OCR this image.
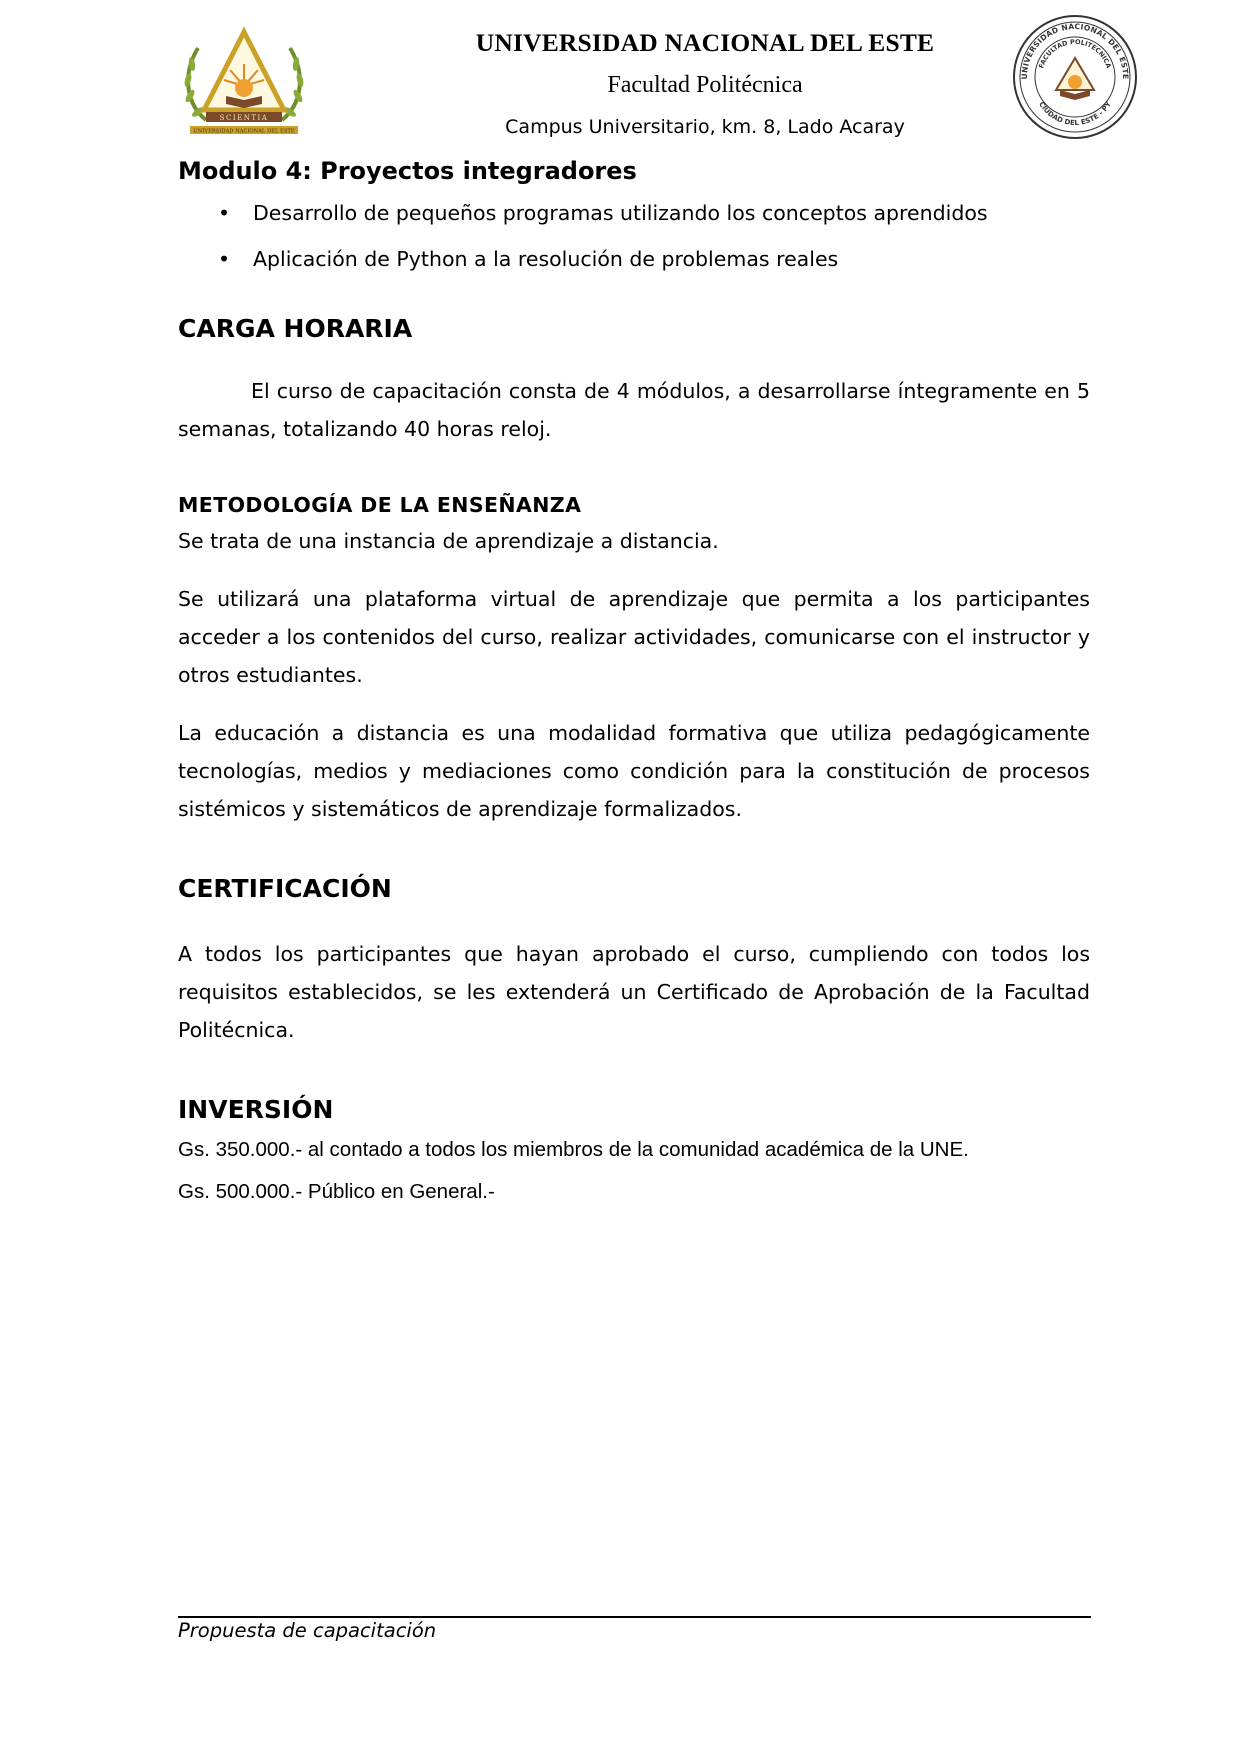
SCIENTIA
UNIVERSIDAD NACIONAL DEL ESTE
UNIVERSIDAD NACIONAL DEL ESTE
Facultad Politécnica
Campus Universitario, km. 8, Lado Acaray
UNIVERSIDAD NACIONAL DEL ESTE
FACULTAD POLITECNICA
CIUDAD DEL ESTE - PY
Modulo 4: Proyectos integradores
• Desarrollo de pequeños programas utilizando los conceptos aprendidos
• Aplicación de Python a la resolución de problemas reales
CARGA HORARIA

El curso de capacitación consta de 4 módulos, a desarrollarse íntegramente en 5 semanas, totalizando 40 horas reloj.

METODOLOGÍA DE LA ENSEÑANZA

Se trata de una instancia de aprendizaje a distancia.

Se utilizará una plataforma virtual de aprendizaje que permita a los participantes acceder a los contenidos del curso, realizar actividades, comunicarse con el instructor y otros estudiantes.

La educación a distancia es una modalidad formativa que utiliza pedagógicamente tecnologías, medios y mediaciones como condición para la constitución de procesos sistémicos y sistemáticos de aprendizaje formalizados.

CERTIFICACIÓN

A todos los participantes que hayan aprobado el curso, cumpliendo con todos los requisitos establecidos, se les extenderá un Certificado de Aprobación de la Facultad Politécnica.

INVERSIÓN

Gs. 350.000.- al contado a todos los miembros de la comunidad académica de la UNE.

Gs. 500.000.- Público en General.-

Propuesta de capacitación
